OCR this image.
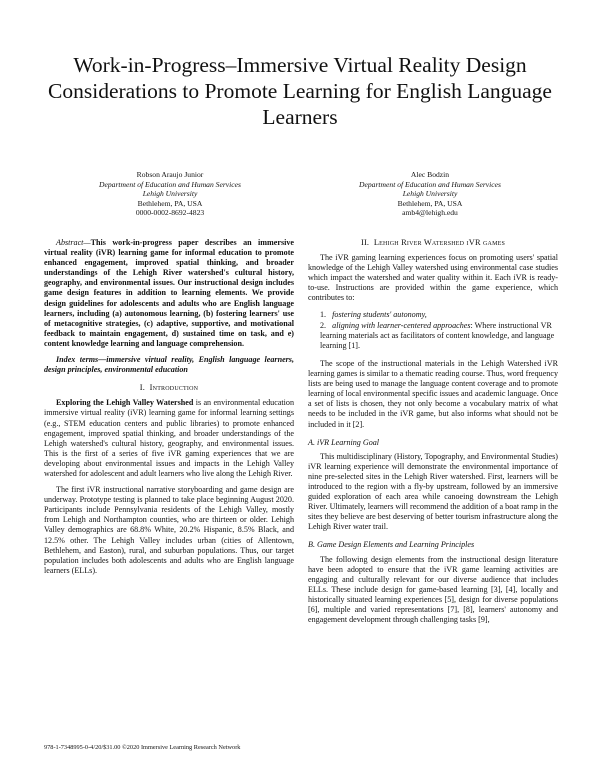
Work-in-Progress–Immersive Virtual Reality Design Considerations to Promote Learning for English Language Learners
Robson Araujo Junior
Department of Education and Human Services
Lehigh University
Bethlehem, PA, USA
0000-0002-8692-4823
Alec Bodzin
Department of Education and Human Services
Lehigh University
Bethlehem, PA, USA
amb4@lehigh.edu

Abstract—This work-in-progress paper describes an immersive virtual reality (iVR) learning game for informal education to promote enhanced engagement, improved spatial thinking, and broader understandings of the Lehigh River watershed's cultural history, geography, and environmental issues. Our instructional design includes game design features in addition to learning elements. We provide design guidelines for adolescents and adults who are English language learners, including (a) autonomous learning, (b) fostering learners' use of metacognitive strategies, (c) adaptive, supportive, and motivational feedback to maintain engagement, d) sustained time on task, and e) content knowledge learning and language comprehension.

Index terms—immersive virtual reality, English language learners, design principles, environmental education

I. Introduction

Exploring the Lehigh Valley Watershed is an environmental education immersive virtual reality (iVR) learning game for informal learning settings (e.g., STEM education centers and public libraries) to promote enhanced engagement, improved spatial thinking, and broader understandings of the Lehigh watershed's cultural history, geography, and environmental issues. This is the first of a series of five iVR gaming experiences that we are developing about environmental issues and impacts in the Lehigh Valley watershed for adolescent and adult learners who live along the Lehigh River.

The first iVR instructional narrative storyboarding and game design are underway. Prototype testing is planned to take place beginning August 2020. Participants include Pennsylvania residents of the Lehigh Valley, mostly from Lehigh and Northampton counties, who are thirteen or older. Lehigh Valley demographics are 68.8% White, 20.2% Hispanic, 8.5% Black, and 12.5% other. The Lehigh Valley includes urban (cities of Allentown, Bethlehem, and Easton), rural, and suburban populations. Thus, our target population includes both adolescents and adults who are English language learners (ELLs).

II. Lehigh River Watershed iVR games

The iVR gaming learning experiences focus on promoting users' spatial knowledge of the Lehigh Valley watershed using environmental case studies which impact the watershed and water quality within it. Each iVR is ready-to-use. Instructions are provided within the game experience, which contributes to:

1. fostering students' autonomy,
2. aligning with learner-centered approaches: Where instructional VR learning materials act as facilitators of content knowledge, and language learning [1].

The scope of the instructional materials in the Lehigh Watershed iVR learning games is similar to a thematic reading course. Thus, word frequency lists are being used to manage the language content coverage and to promote learning of local environmental specific issues and academic language. Once a set of lists is chosen, they not only become a vocabulary matrix of what needs to be included in the iVR game, but also informs what should not be included in it [2].

A. iVR Learning Goal

This multidisciplinary (History, Topography, and Environmental Studies) iVR learning experience will demonstrate the environmental importance of nine pre-selected sites in the Lehigh River watershed. First, learners will be introduced to the region with a fly-by upstream, followed by an immersive guided exploration of each area while canoeing downstream the Lehigh River. Ultimately, learners will recommend the addition of a boat ramp in the sites they believe are best deserving of better tourism infrastructure along the Lehigh River water trail.

B. Game Design Elements and Learning Principles

The following design elements from the instructional design literature have been adopted to ensure that the iVR game learning activities are engaging and culturally relevant for our diverse audience that includes ELLs. These include design for game-based learning [3], [4], locally and historically situated learning experiences [5], design for diverse populations [6], multiple and varied representations [7], [8], learners' autonomy and engagement development through challenging tasks [9],

978-1-7348995-0-4/20/$31.00 ©2020 Immersive Learning Research Network
